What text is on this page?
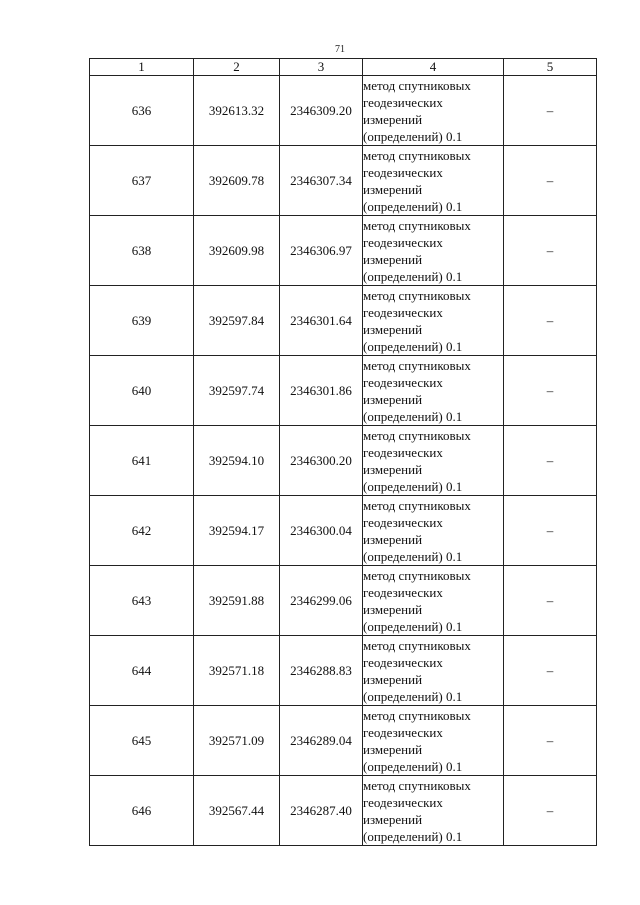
71
1	2	3	4	5
636	392613.32	2346309.20	метод спутниковых
геодезических
измерений
(определений) 0.1	–
637	392609.78	2346307.34	метод спутниковых
геодезических
измерений
(определений) 0.1	–
638	392609.98	2346306.97	метод спутниковых
геодезических
измерений
(определений) 0.1	–
639	392597.84	2346301.64	метод спутниковых
геодезических
измерений
(определений) 0.1	–
640	392597.74	2346301.86	метод спутниковых
геодезических
измерений
(определений) 0.1	–
641	392594.10	2346300.20	метод спутниковых
геодезических
измерений
(определений) 0.1	–
642	392594.17	2346300.04	метод спутниковых
геодезических
измерений
(определений) 0.1	–
643	392591.88	2346299.06	метод спутниковых
геодезических
измерений
(определений) 0.1	–
644	392571.18	2346288.83	метод спутниковых
геодезических
измерений
(определений) 0.1	–
645	392571.09	2346289.04	метод спутниковых
геодезических
измерений
(определений) 0.1	–
646	392567.44	2346287.40	метод спутниковых
геодезических
измерений
(определений) 0.1	–
